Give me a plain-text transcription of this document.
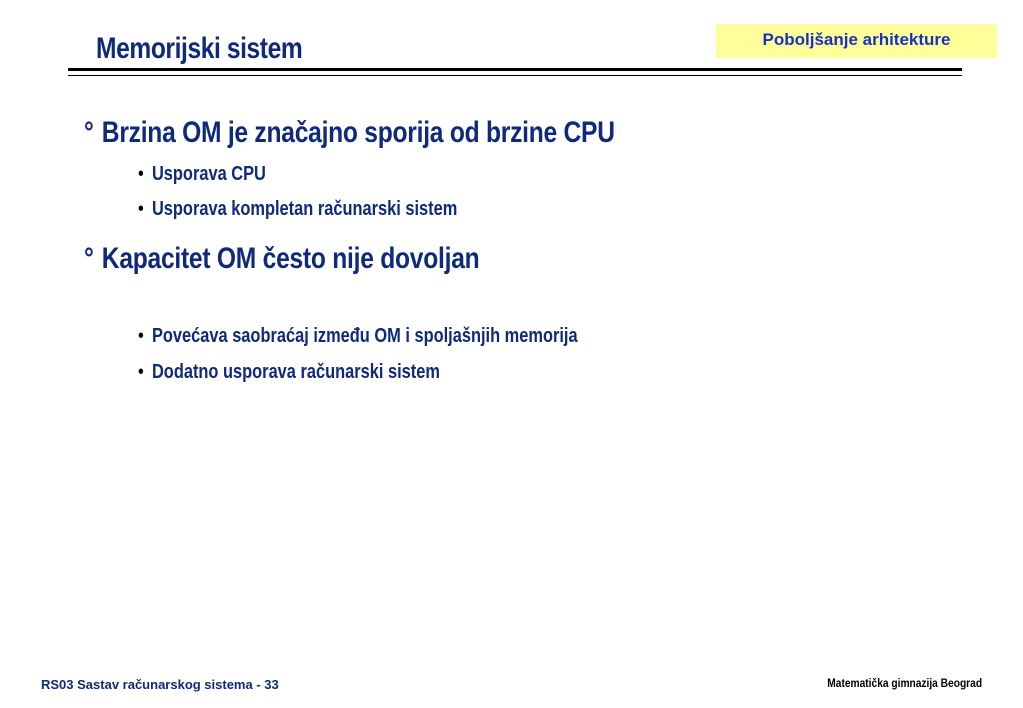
Memorijski sistem	Poboljšanje arhitekture
° Brzina OM je značajno sporija od brzine CPU
• Usporava CPU
• Usporava kompletan računarski sistem
° Kapacitet OM često nije dovoljan
• Povećava saobraćaj između OM i spoljašnjih memorija
• Dodatno usporava računarski sistem
RS03 Sastav računarskog sistema - 33	Matematička gimnazija Beograd
